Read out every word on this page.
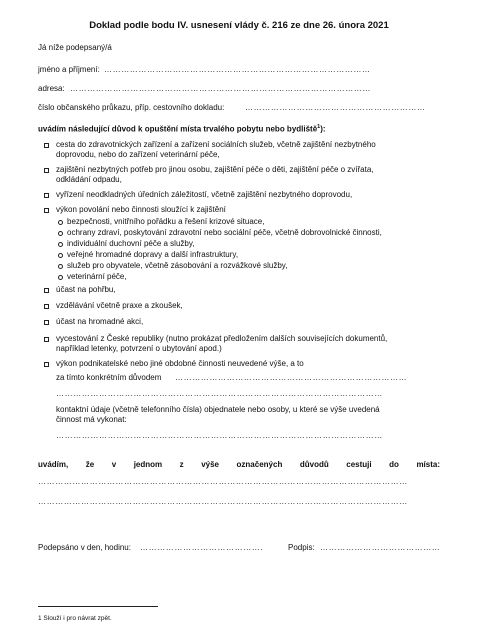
Doklad podle bodu IV. usnesení vlády č. 216 ze dne 26. února 2021
Já níže podepsaný/á
jméno a příjmení: …………………………………………………………………………………
adresa: ……………………………………………………………………………………………
číslo občanského průkazu, příp. cestovního dokladu:	………………………………………………………
uvádím následující důvod k opuštění místa trvalého pobytu nebo bydliště$^1$):
cesta do zdravotnických zařízení a zařízení sociálních služeb, včetně zajištění nezbytného
doprovodu, nebo do zařízení veterinární péče,
zajištění nezbytných potřeb pro jinou osobu, zajištění péče o děti, zajištění péče o zvířata,
odkládání odpadu,
vyřízení neodkladných úředních záležitostí, včetně zajištění nezbytného doprovodu,
výkon povolání nebo činnosti sloužící k zajištění
bezpečnosti, vnitřního pořádku a řešení krizové situace,
ochrany zdraví, poskytování zdravotní nebo sociální péče, včetně dobrovolnické činnosti,
individuální duchovní péče a služby,
veřejné hromadné dopravy a další infrastruktury,
služeb pro obyvatele, včetně zásobování a rozvážkové služby,
veterinární péče,
účast na pohřbu,
vzdělávání včetně praxe a zkoušek,
účast na hromadné akci,
vycestování z České republiky (nutno prokázat předložením dalších souvisejících dokumentů,
například letenky, potvrzení o ubytování apod.)
výkon podnikatelské nebo jiné obdobné činnosti neuvedené výše, a to
za tímto konkrétním důvodem ………………………………………………………………………
……………………………………………………………………………………………………
kontaktní údaje (včetně telefonního čísla) objednatele nebo osoby, u které se výše uvedená
činnost má vykonat:
……………………………………………………………………………………………………
uvádím, že v jednom z výše označených důvodů cestuji do místa:
…………………………………………………………………………………………………………………
…………………………………………………………………………………………………………………
Podepsáno v den, hodinu: …………………………………….	Podpis: ……………………………………
1 Slouží i pro návrat zpět.
